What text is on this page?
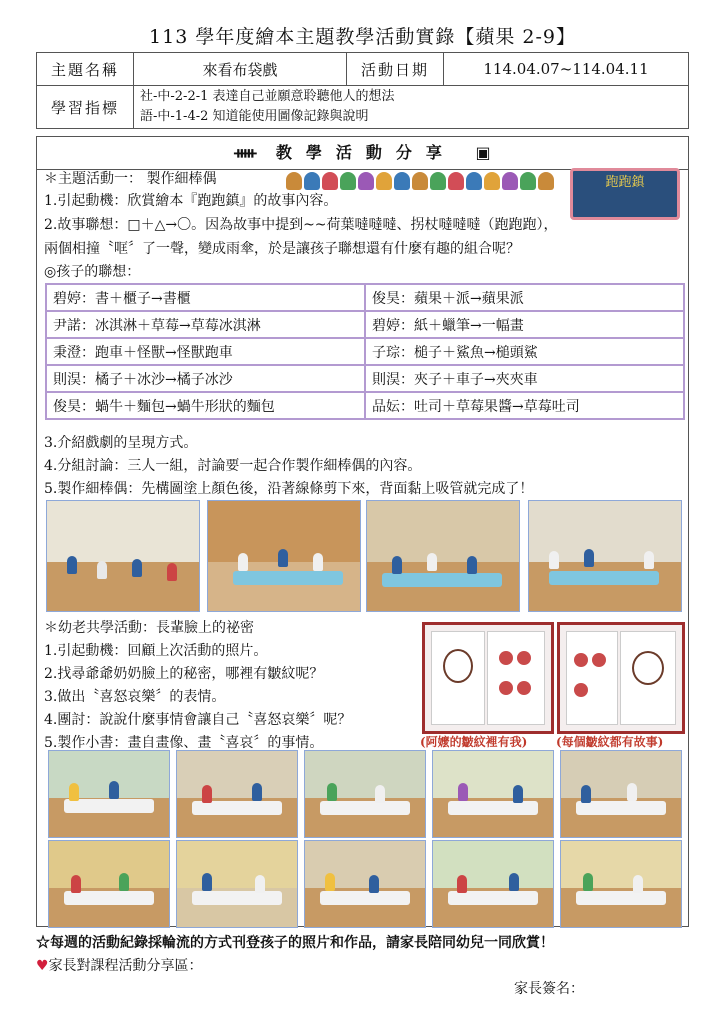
113 學年度繪本主題教學活動實錄【蘋果 2-9】
主題名稱	來看布袋戲	活動日期	114.04.07~114.04.11
學習指標	社-中-2-2-1 表達自己並願意聆聽他人的想法
語-中-1-4-2 知道能使用圖像記錄與說明		
ᚔ 教學活動分享 ▣
＊主題活動一： 製作細棒偶	跑跑鎮
1.引起動機：欣賞繪本『跑跑鎮』的故事內容。
2.故事聯想：□＋△→〇。因為故事中提到~~荷葉噠噠噠、拐杖噠噠噠（跑跑跑），
兩個相撞〝哐〞了一聲，變成雨傘，於是讓孩子聯想還有什麼有趣的組合呢？
◎孩子的聯想：
碧婷：書＋櫃子→書櫃	俊昊：蘋果＋派→蘋果派
尹諾：冰淇淋＋草莓→草莓冰淇淋	碧婷：紙＋蠟筆→一幅畫
秉澄：跑車＋怪獸→怪獸跑車	子琮：槌子＋鯊魚→槌頭鯊
則淏：橘子＋冰沙→橘子冰沙	則淏：夾子＋車子→夾夾車
俊昊：蝸牛＋麵包→蝸牛形狀的麵包	品妘：吐司＋草莓果醬→草莓吐司
3.介紹戲劇的呈現方式。
4.分組討論：三人一組，討論要一起合作製作細棒偶的內容。
5.製作細棒偶：先構圖塗上顏色後，沿著線條剪下來，背面黏上吸管就完成了！
＊幼老共學活動：長輩臉上的祕密
1.引起動機：回顧上次活動的照片。
2.找尋爺爺奶奶臉上的秘密，哪裡有皺紋呢？
3.做出〝喜怒哀樂〞的表情。
4.團討：說說什麼事情會讓自己〝喜怒哀樂〞呢？
5.製作小書：畫自畫像、畫〝喜哀〞的事情。	(阿嬤的皺紋裡有我) (每個皺紋都有故事)
☆每週的活動紀錄採輪流的方式刊登孩子的照片和作品，請家長陪同幼兒一同欣賞！
♥家長對課程活動分享區：
家長簽名：
